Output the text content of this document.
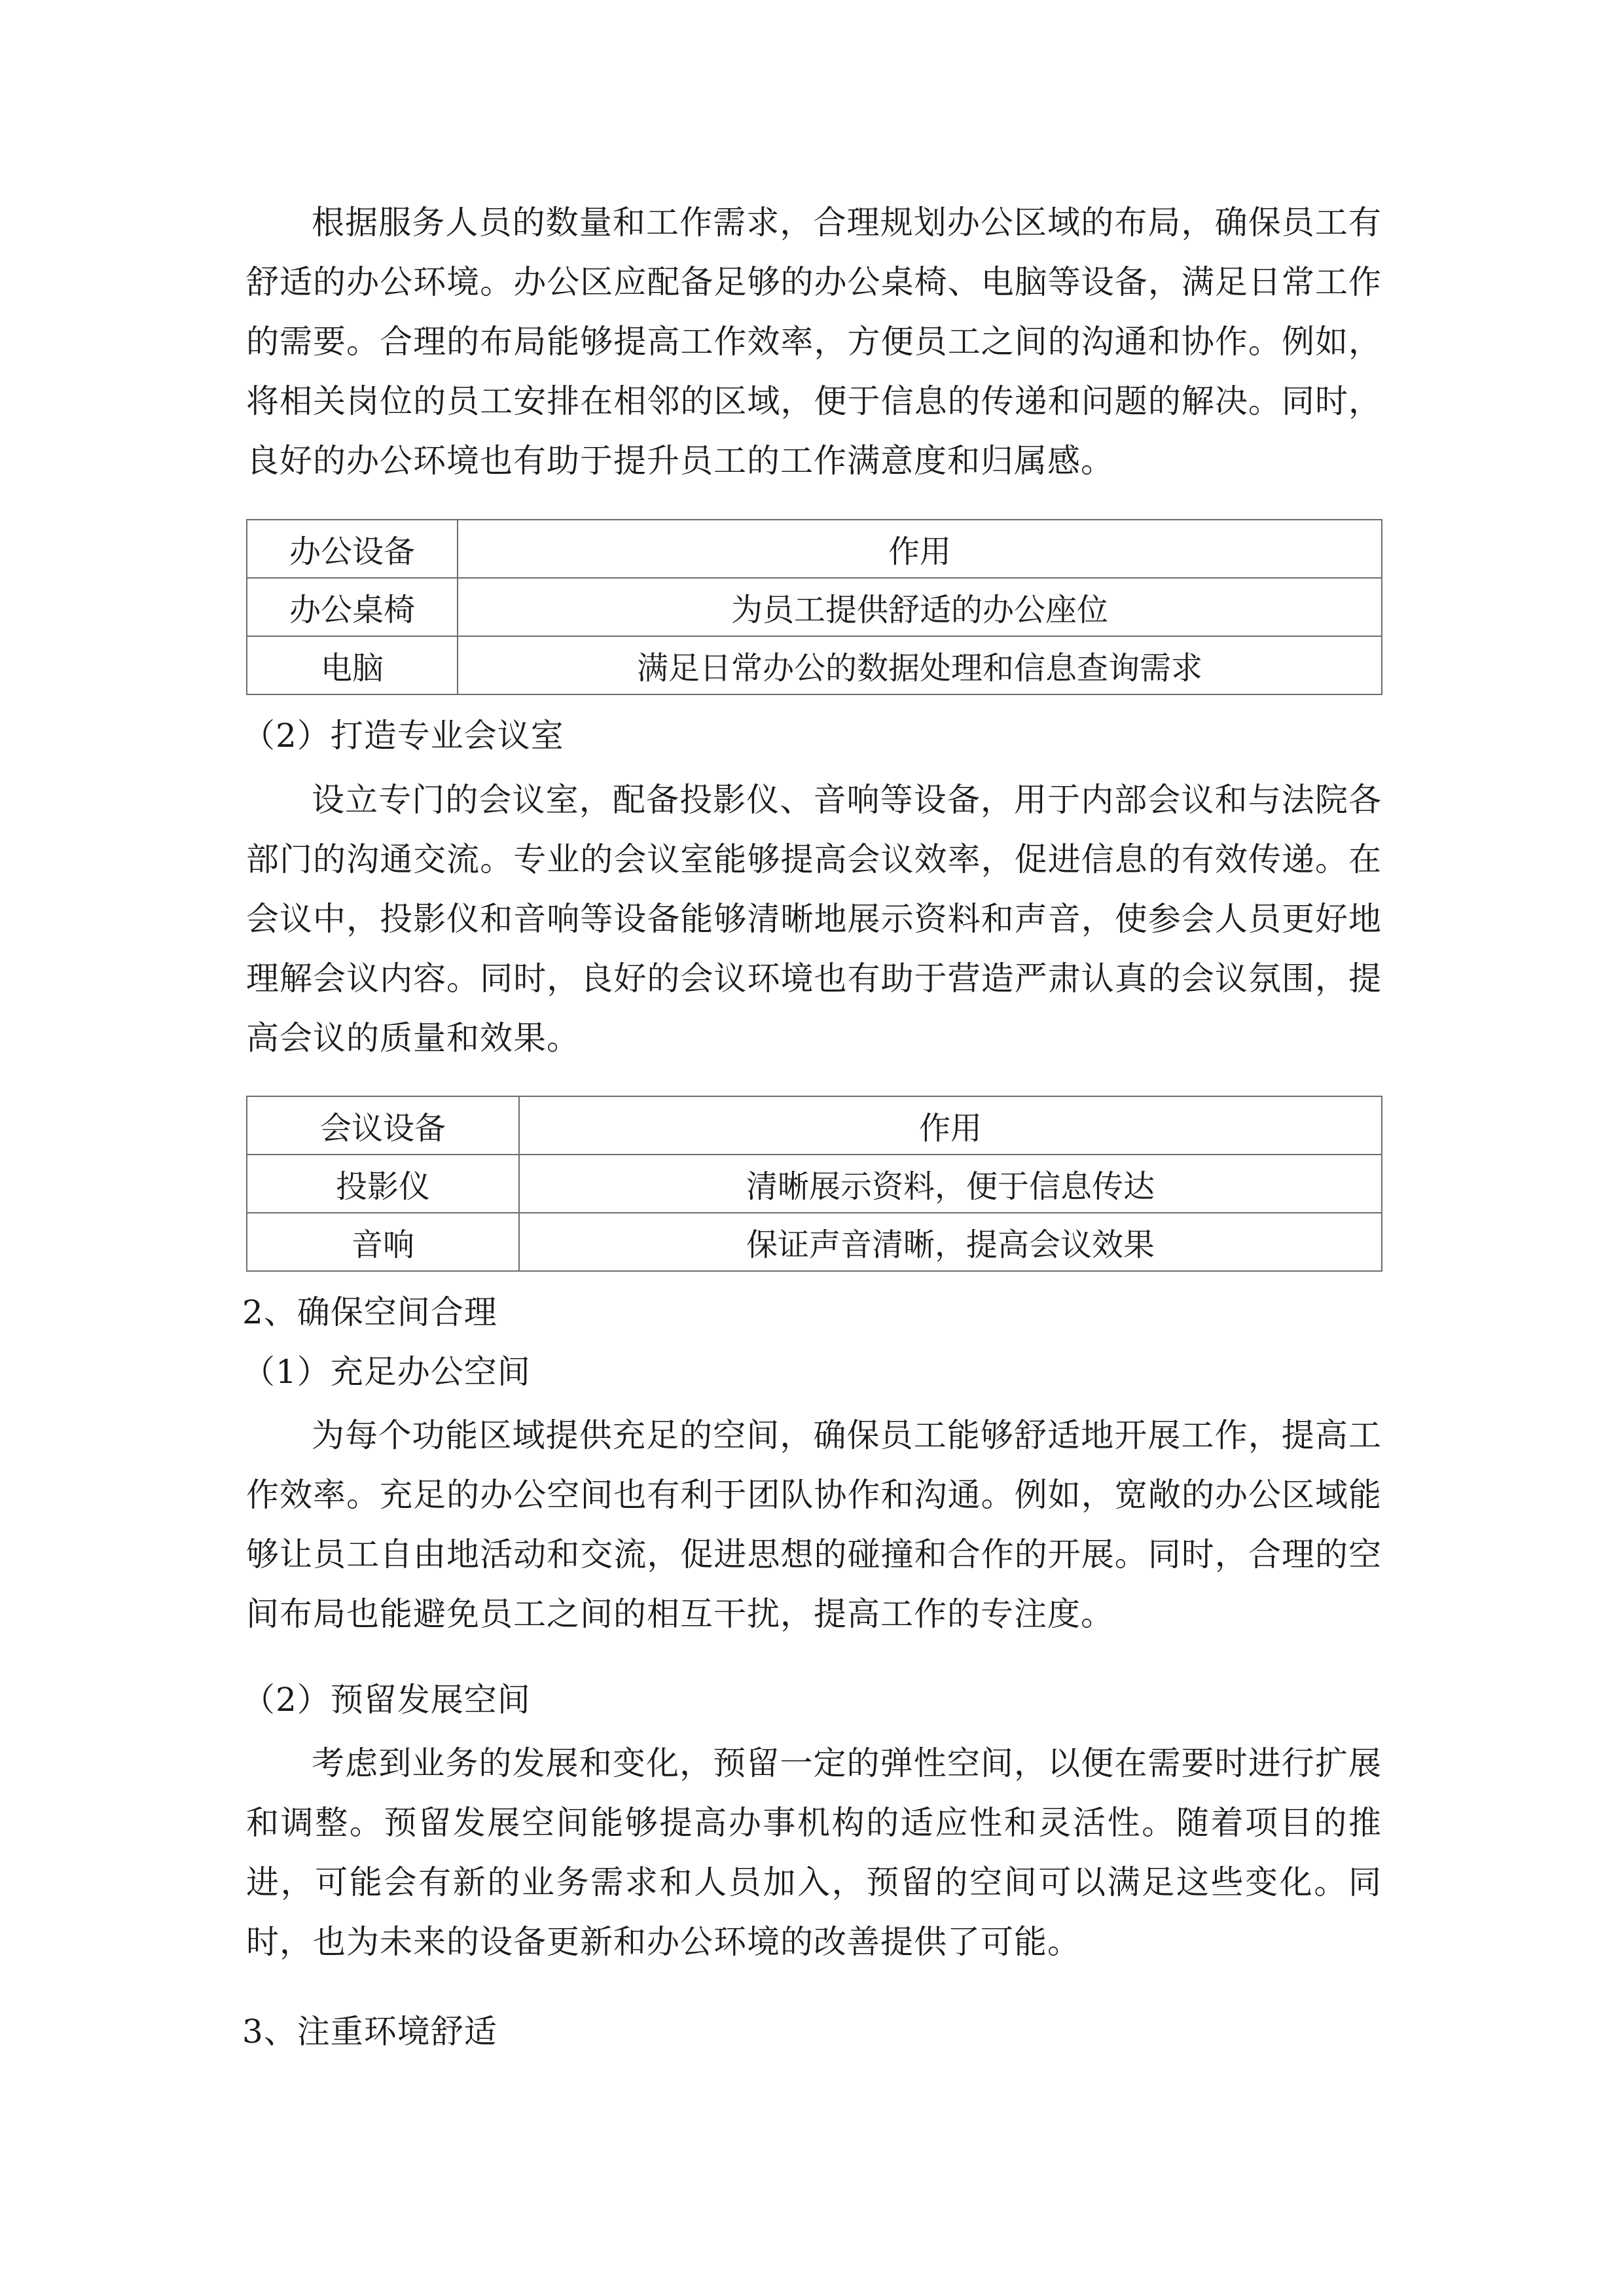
根据服务人员的数量和工作需求，合理规划办公区域的布局，确保员工有舒适的办公环境。办公区应配备足够的办公桌椅、电脑等设备，满足日常工作的需要。合理的布局能够提高工作效率，方便员工之间的沟通和协作。例如，将相关岗位的员工安排在相邻的区域，便于信息的传递和问题的解决。同时，良好的办公环境也有助于提升员工的工作满意度和归属感。

办公设备	作用
办公桌椅	为员工提供舒适的办公座位
电脑	满足日常办公的数据处理和信息查询需求

（2）打造专业会议室

设立专门的会议室，配备投影仪、音响等设备，用于内部会议和与法院各部门的沟通交流。专业的会议室能够提高会议效率，促进信息的有效传递。在会议中，投影仪和音响等设备能够清晰地展示资料和声音，使参会人员更好地理解会议内容。同时，良好的会议环境也有助于营造严肃认真的会议氛围，提高会议的质量和效果。

会议设备	作用
投影仪	清晰展示资料，便于信息传达
音响	保证声音清晰，提高会议效果

2、确保空间合理

（1）充足办公空间

为每个功能区域提供充足的空间，确保员工能够舒适地开展工作，提高工作效率。充足的办公空间也有利于团队协作和沟通。例如，宽敞的办公区域能够让员工自由地活动和交流，促进思想的碰撞和合作的开展。同时，合理的空间布局也能避免员工之间的相互干扰，提高工作的专注度。

（2）预留发展空间

考虑到业务的发展和变化，预留一定的弹性空间，以便在需要时进行扩展和调整。预留发展空间能够提高办事机构的适应性和灵活性。随着项目的推进，可能会有新的业务需求和人员加入，预留的空间可以满足这些变化。同时，也为未来的设备更新和办公环境的改善提供了可能。

3、注重环境舒适
